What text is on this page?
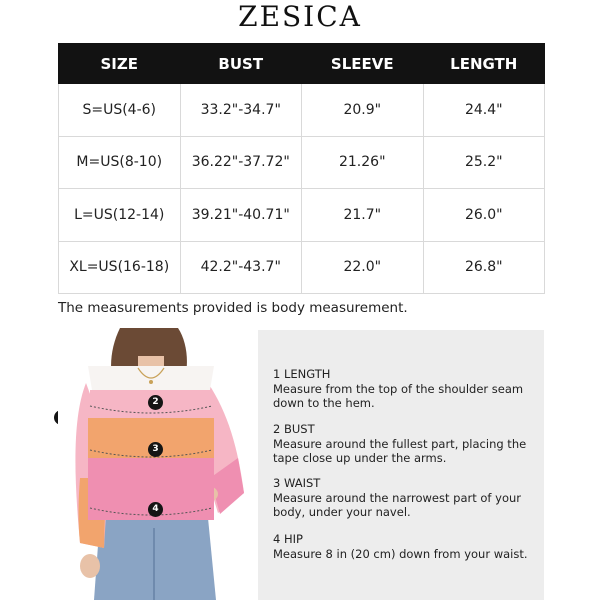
ZESICA
SIZE	BUST	SLEEVE	LENGTH
S=US(4-6)	33.2"-34.7"	20.9"	24.4"
M=US(8-10)	36.22"-37.72"	21.26"	25.2"
L=US(12-14)	39.21"-40.71"	21.7"	26.0"
XL=US(16-18)	42.2"-43.7"	22.0"	26.8"
The measurements provided is body measurement.
2
3
4
1 LENGTH
Measure from the top of the shoulder seam down to the hem.
2 BUST
Measure around the fullest part, placing the tape close up under the arms.
3 WAIST
Measure around the narrowest part of your body, under your navel.
4 HIP
Measure 8 in (20 cm) down from your waist.
